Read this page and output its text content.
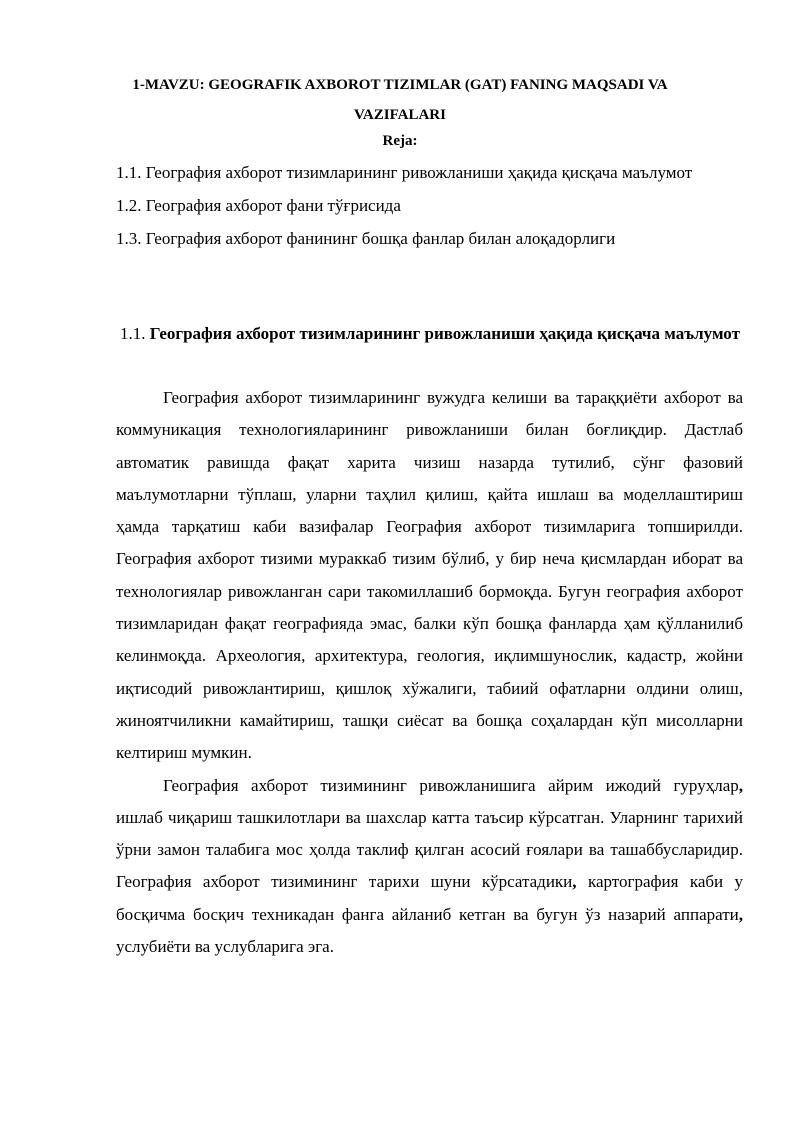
1-MAVZU: GEOGRAFIK AXBOROT TIZIMLAR (GAT) FANING MAQSADI VA VAZIFALARI
Reja:
1.1. География ахборот тизимларининг ривожланиши ҳақида қисқача маълумот
1.2. География ахборот фани тўғрисида
1.3. География ахборот фанининг бошқа фанлар билан алоқадорлиги
1.1. География ахборот тизимларининг ривожланиши ҳақида қисқача маълумот

География ахборот тизимларининг вужудга келиши ва тараққиёти ахборот ва коммуникация технологияларининг ривожланиши билан боғлиқдир. Дастлаб автоматик равишда фақат харита чизиш назарда тутилиб, сўнг фазовий маълумотларни тўплаш, уларни таҳлил қилиш, қайта ишлаш ва моделлаштириш ҳамда тарқатиш каби вазифалар География ахборот тизимларига топширилди. География ахборот тизими мураккаб тизим бўлиб, у бир неча қисмлардан иборат ва технологиялар ривожланган сари такомиллашиб бормоқда. Бугун география ахборот тизимларидан фақат географияда эмас, балки кўп бошқа фанларда ҳам қўлланилиб келинмоқда. Археология, архитектура, геология, иқлимшунослик, кадастр, жойни иқтисодий ривожлантириш, қишлоқ хўжалиги, табиий офатларни олдини олиш, жиноятчиликни камайтириш, ташқи сиёсат ва бошқа соҳалардан кўп мисолларни келтириш мумкин.

География ахборот тизимининг ривожланишига айрим ижодий гуруҳлар, ишлаб чиқариш ташкилотлари ва шахслар катта таъсир кўрсатган. Уларнинг тарихий ўрни замон талабига мос ҳолда таклиф қилган асосий ғоялари ва ташаббусларидир. География ахборот тизимининг тарихи шуни кўрсатадики, картография каби у босқичма босқич техникадан фанга айланиб кетган ва бугун ўз назарий аппарати, услубиёти ва услубларига эга.
